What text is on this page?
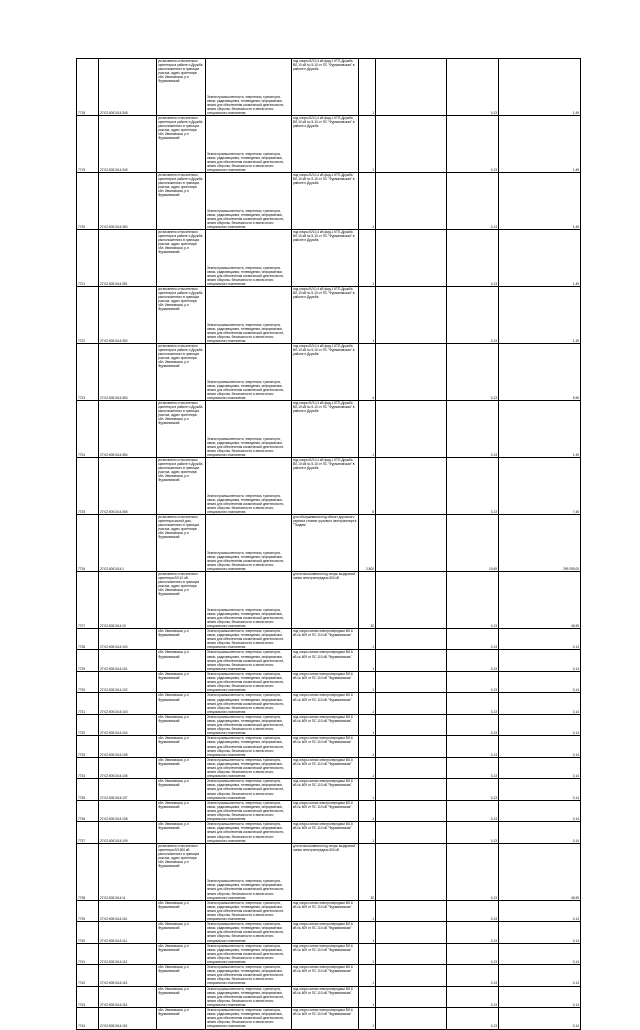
7718	27:02:0001014:348	установлено относительно ориентира в районе п.Дружба расположенного в границах участка, адрес ориентира: обл. Ивановская, р-н Фурмановский	Земли промышленности, энергетики, транспорта, связи, радиовещания, телевидения, информатики, земли для обеспечения космической деятельности, земли обороны, безопасности и земли иного специального назначения	под опоры ВЛ-0,4 кВ фид.1 КТП-Дружба ВЛ-10 кВ № 5-10 от ПС "Фурмановская" в районе п.Дружба	1		0,13	1,49
7719	27:02:0001014:349	установлено относительно ориентира в районе п.Дружба расположенного в границах участка, адрес ориентира: обл. Ивановская, р-н Фурмановский	Земли промышленности, энергетики, транспорта, связи, радиовещания, телевидения, информатики, земли для обеспечения космической деятельности, земли обороны, безопасности и земли иного специального назначения	под опоры ВЛ-0,4 кВ фид.1 КТП-Дружба ВЛ-10 кВ № 5-10 от ПС "Фурмановская" в районе п.Дружба	1		0,13	1,49
7720	27:02:0001014:350	установлено относительно ориентира в районе п.Дружба расположенного в границах участка, адрес ориентира: обл. Ивановская, р-н Фурмановский	Земли промышленности, энергетики, транспорта, связи, радиовещания, телевидения, информатики, земли для обеспечения космической деятельности, земли обороны, безопасности и земли иного специального назначения	под опоры ВЛ-0,4 кВ фид.1 КТП-Дружба ВЛ-10 кВ № 5-10 от ПС "Фурмановская" в районе п.Дружба	1		0,13	1,49
7721	27:02:0001014:351	установлено относительно ориентира в районе п.Дружба расположенного в границах участка, адрес ориентира: обл. Ивановская, р-н Фурмановский	Земли промышленности, энергетики, транспорта, связи, радиовещания, телевидения, информатики, земли для обеспечения космической деятельности, земли обороны, безопасности и земли иного специального назначения	под опоры ВЛ-0,4 кВ фид.1 КТП-Дружба ВЛ-10 кВ № 5-10 от ПС "Фурмановская" в районе п.Дружба	1		0,13	1,49
7722	27:02:0001014:352	установлено относительно ориентира в районе п.Дружба расположенного в границах участка, адрес ориентира: обл. Ивановская, р-н Фурмановский	Земли промышленности, энергетики, транспорта, связи, радиовещания, телевидения, информатики, земли для обеспечения космической деятельности, земли обороны, безопасности и земли иного специального назначения	под опоры ВЛ-0,4 кВ фид.1 КТП-Дружба ВЛ-10 кВ № 5-10 от ПС "Фурмановская" в районе п.Дружба	1		0,13	1,49
7723	27:02:0001014:353	установлено относительно ориентира в районе п.Дружба расположенного в границах участка, адрес ориентира: обл. Ивановская, р-н Фурмановский	Земли промышленности, энергетики, транспорта, связи, радиовещания, телевидения, информатики, земли для обеспечения космической деятельности, земли обороны, безопасности и земли иного специального назначения	под опоры ВЛ-0,4 кВ фид.1 КТП-Дружба ВЛ-10 кВ № 5-10 от ПС "Фурмановская" в районе п.Дружба	4		0,13	5,96
7724	27:02:0001014:354	установлено относительно ориентира в районе п.Дружба расположенного в границах участка, адрес ориентира: обл. Ивановская, р-н Фурмановский	Земли промышленности, энергетики, транспорта, связи, радиовещания, телевидения, информатики, земли для обеспечения космической деятельности, земли обороны, безопасности и земли иного специального назначения	под опоры ВЛ-0,4 кВ фид.1 КТП-Дружба ВЛ-10 кВ № 5-10 от ПС "Фурмановская" в районе п.Дружба	1		0,13	1,49
7725	27:02:0001014:355	установлено относительно ориентира в районе п.Дружба расположенного в границах участка, адрес ориентира: обл. Ивановская, р-н Фурмановский	Земли промышленности, энергетики, транспорта, связи, радиовещания, телевидения, информатики, земли для обеспечения космической деятельности, земли обороны, безопасности и земли иного специального назначения	под опоры ВЛ-0,4 кВ фид.1 КТП-Дружба ВЛ-10 кВ № 5-10 от ПС "Фурмановская" в районе п.Дружба	5		0,13	7,45
7726	27:02:0001014:1	установлено относительно ориентира жилой дом, расположенного в границах участка, адрес ориентира: обл. Ивановская, р-н Фурмановский	Земли промышленности, энергетики, транспорта, связи, радиовещания, телевидения, информатики, земли для обеспечения космической деятельности, земли обороны, безопасности и земли иного специального назначения	для обслуживания под объект дорожного сервиса стоянки грузового автотранспорта "Тандем"	2 800		10,69	299 295,00
7727	27:02:0001014:10	установлено относительно ориентира ВЛ-10 кВ, расположенного в границах участка, адрес ориентира: обл. Ивановская, р-н Фурмановский	Земли промышленности, энергетики, транспорта, связи, радиовещания, телевидения, информатики, земли для обеспечения космической деятельности, земли обороны, безопасности и земли иного специального назначения	для использования под опоры воздушной линии электропередачи 500 кВ	30		0,13	46,95
7728	27:02:0001014:100	обл. Ивановская, р-н Фурмановский	Земли промышленности, энергетики, транспорта, связи, радиовещания, телевидения, информатики, земли для обеспечения космической деятельности, земли обороны, безопасности и земли иного специального назначения	под опоры линии электропередачи ВЛ-6 кВ № 609 от ПС 110 кВ "Фурмановская"	1		0,13	0,14
7729	27:02:0001014:101	обл. Ивановская, р-н Фурмановский	Земли промышленности, энергетики, транспорта, связи, радиовещания, телевидения, информатики, земли для обеспечения космической деятельности, земли обороны, безопасности и земли иного специального назначения	под опоры линии электропередачи ВЛ-6 кВ № 609 от ПС 110 кВ "Фурмановская"	1		0,13	0,14
7730	27:02:0001014:102	обл. Ивановская, р-н Фурмановский	Земли промышленности, энергетики, транспорта, связи, радиовещания, телевидения, информатики, земли для обеспечения космической деятельности, земли обороны, безопасности и земли иного специального назначения	под опоры линии электропередачи ВЛ-6 кВ № 609 от ПС 110 кВ "Фурмановская"	1		0,13	0,14
7731	27:02:0001014:103	обл. Ивановская, р-н Фурмановский	Земли промышленности, энергетики, транспорта, связи, радиовещания, телевидения, информатики, земли для обеспечения космической деятельности, земли обороны, безопасности и земли иного специального назначения	под опоры линии электропередачи ВЛ-6 кВ № 609 от ПС 110 кВ "Фурмановская"	1		0,13	0,14
7732	27:02:0001014:104	обл. Ивановская, р-н Фурмановский	Земли промышленности, энергетики, транспорта, связи, радиовещания, телевидения, информатики, земли для обеспечения космической деятельности, земли обороны, безопасности и земли иного специального назначения	под опоры линии электропередачи ВЛ-6 кВ № 609 от ПС 110 кВ "Фурмановская"	1		0,13	0,14
7733	27:02:0001014:105	обл. Ивановская, р-н Фурмановский	Земли промышленности, энергетики, транспорта, связи, радиовещания, телевидения, информатики, земли для обеспечения космической деятельности, земли обороны, безопасности и земли иного специального назначения	под опоры линии электропередачи ВЛ-6 кВ № 609 от ПС 110 кВ "Фурмановская"	1		0,13	0,14
7734	27:02:0001014:106	обл. Ивановская, р-н Фурмановский	Земли промышленности, энергетики, транспорта, связи, радиовещания, телевидения, информатики, земли для обеспечения космической деятельности, земли обороны, безопасности и земли иного специального назначения	под опоры линии электропередачи ВЛ-6 кВ № 609 от ПС 110 кВ "Фурмановская"	1		0,13	0,14
7735	27:02:0001014:107	обл. Ивановская, р-н Фурмановский	Земли промышленности, энергетики, транспорта, связи, радиовещания, телевидения, информатики, земли для обеспечения космической деятельности, земли обороны, безопасности и земли иного специального назначения	под опоры линии электропередачи ВЛ-6 кВ № 609 от ПС 110 кВ "Фурмановская"	1		0,13	0,14
7736	27:02:0001014:108	обл. Ивановская, р-н Фурмановский	Земли промышленности, энергетики, транспорта, связи, радиовещания, телевидения, информатики, земли для обеспечения космической деятельности, земли обороны, безопасности и земли иного специального назначения	под опоры линии электропередачи ВЛ-6 кВ № 609 от ПС 110 кВ "Фурмановская"	1		0,13	0,14
7737	27:02:0001014:109	обл. Ивановская, р-н Фурмановский	Земли промышленности, энергетики, транспорта, связи, радиовещания, телевидения, информатики, земли для обеспечения космической деятельности, земли обороны, безопасности и земли иного специального назначения	под опоры линии электропередачи ВЛ-6 кВ № 609 от ПС 110 кВ "Фурмановская"	1		0,13	0,14
7738	27:02:0001014:11	установлено относительно ориентира ВЛ-500 кВ расположенного в границах участка, адрес ориентира: обл. Ивановская, р-н Фурмановский	Земли промышленности, энергетики, транспорта, связи, радиовещания, телевидения, информатики, земли для обеспечения космической деятельности, земли обороны, безопасности и земли иного специального назначения	для использования под опоры воздушной линии электропередачи 500 кВ	30		0,13	46,95
7739	27:02:0001014:110	обл. Ивановская, р-н Фурмановский	Земли промышленности, энергетики, транспорта, связи, радиовещания, телевидения, информатики, земли для обеспечения космической деятельности, земли обороны, безопасности и земли иного специального назначения	под опоры линии электропередачи ВЛ-6 кВ № 609 от ПС 110 кВ "Фурмановская"	1		0,13	0,14
7740	27:02:0001014:111	обл. Ивановская, р-н Фурмановский	Земли промышленности, энергетики, транспорта, связи, радиовещания, телевидения, информатики, земли для обеспечения космической деятельности, земли обороны, безопасности и земли иного специального назначения	под опоры линии электропередачи ВЛ-6 кВ № 609 от ПС 110 кВ "Фурмановская"	1		0,13	0,14
7741	27:02:0001014:112	обл. Ивановская, р-н Фурмановский	Земли промышленности, энергетики, транспорта, связи, радиовещания, телевидения, информатики, земли для обеспечения космической деятельности, земли обороны, безопасности и земли иного специального назначения	под опоры линии электропередачи ВЛ-6 кВ № 609 от ПС 110 кВ "Фурмановская"	1		0,13	0,14
7742	27:02:0001014:113	обл. Ивановская, р-н Фурмановский	Земли промышленности, энергетики, транспорта, связи, радиовещания, телевидения, информатики, земли для обеспечения космической деятельности, земли обороны, безопасности и земли иного специального назначения	под опоры линии электропередачи ВЛ-6 кВ № 609 от ПС 110 кВ "Фурмановская"	1		0,13	0,14
7743	27:02:0001014:114	обл. Ивановская, р-н Фурмановский	Земли промышленности, энергетики, транспорта, связи, радиовещания, телевидения, информатики, земли для обеспечения космической деятельности, земли обороны, безопасности и земли иного специального назначения	под опоры линии электропередачи ВЛ-6 кВ № 609 от ПС 110 кВ "Фурмановская"	1		0,13	0,14
7744	27:02:0001014:115	обл. Ивановская, р-н Фурмановский	Земли промышленности, энергетики, транспорта, связи, радиовещания, телевидения, информатики, земли для обеспечения космической деятельности, земли обороны, безопасности и земли иного специального назначения	под опоры линии электропередачи ВЛ-6 кВ № 609 от ПС 110 кВ "Фурмановская"	1		0,13	0,14
